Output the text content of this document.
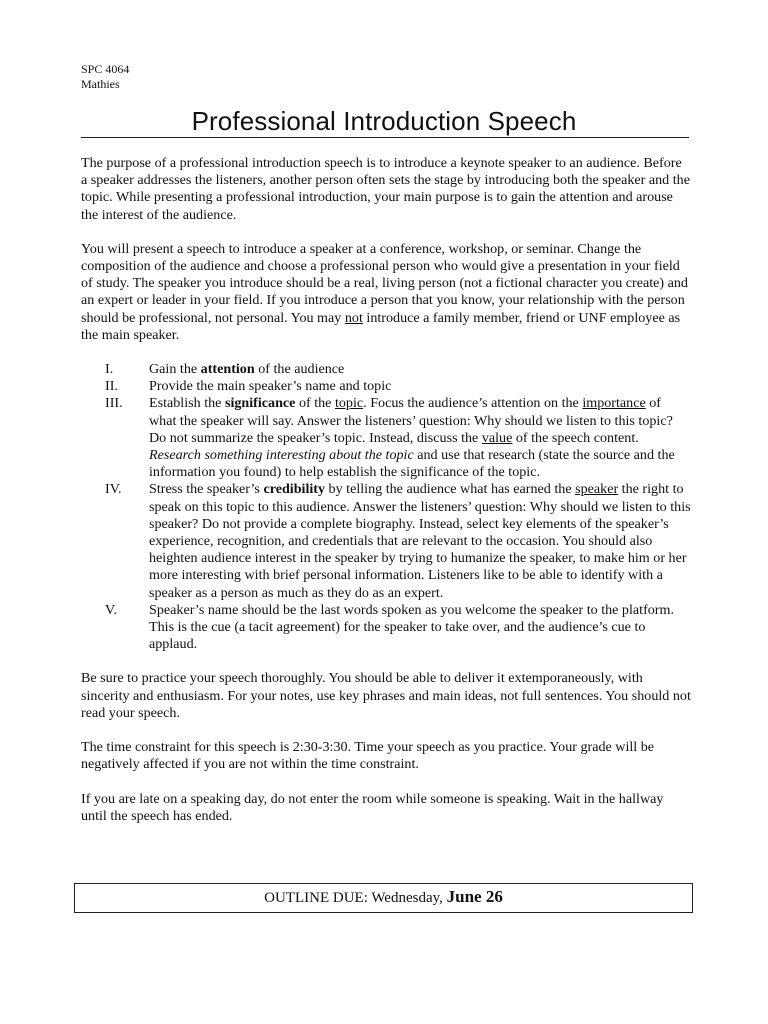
SPC 4064
Mathies
Professional Introduction Speech

The purpose of a professional introduction speech is to introduce a keynote speaker to an audience. Before a speaker addresses the listeners, another person often sets the stage by introducing both the speaker and the topic. While presenting a professional introduction, your main purpose is to gain the attention and arouse the interest of the audience.

You will present a speech to introduce a speaker at a conference, workshop, or seminar. Change the composition of the audience and choose a professional person who would give a presentation in your field of study. The speaker you introduce should be a real, living person (not a fictional character you create) and an expert or leader in your field. If you introduce a person that you know, your relationship with the person should be professional, not personal. You may not introduce a family member, friend or UNF employee as the main speaker.

I.	Gain the attention of the audience
II.	Provide the main speaker’s name and topic
III.	Establish the significance of the topic. Focus the audience’s attention on the importance of what the speaker will say. Answer the listeners’ question: Why should we listen to this topic? Do not summarize the speaker’s topic. Instead, discuss the value of the speech content. Research something interesting about the topic and use that research (state the source and the information you found) to help establish the significance of the topic.
IV.	Stress the speaker’s credibility by telling the audience what has earned the speaker the right to speak on this topic to this audience. Answer the listeners’ question: Why should we listen to this speaker? Do not provide a complete biography. Instead, select key elements of the speaker’s experience, recognition, and credentials that are relevant to the occasion. You should also heighten audience interest in the speaker by trying to humanize the speaker, to make him or her more interesting with brief personal information. Listeners like to be able to identify with a speaker as a person as much as they do as an expert.
V.	Speaker’s name should be the last words spoken as you welcome the speaker to the platform. This is the cue (a tacit agreement) for the speaker to take over, and the audience’s cue to applaud.

Be sure to practice your speech thoroughly. You should be able to deliver it extemporaneously, with sincerity and enthusiasm. For your notes, use key phrases and main ideas, not full sentences. You should not read your speech.

The time constraint for this speech is 2:30-3:30. Time your speech as you practice. Your grade will be negatively affected if you are not within the time constraint.

If you are late on a speaking day, do not enter the room while someone is speaking. Wait in the hallway until the speech has ended.

OUTLINE DUE: Wednesday, June 26
